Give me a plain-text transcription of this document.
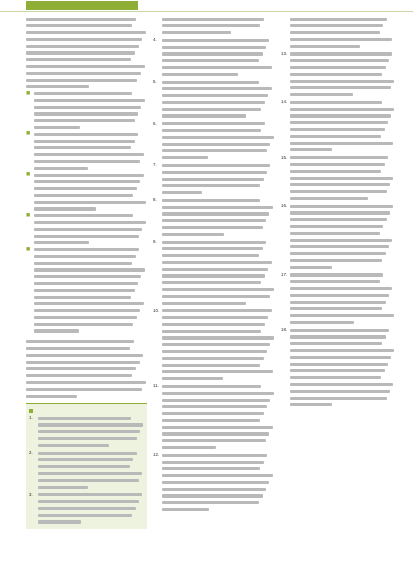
■
■
■
■
■
1.
2.
3.
4.
5.
6.
7.
8.
9.
10.
11.
12.
13.
14.
15.
16.
17.
18.
